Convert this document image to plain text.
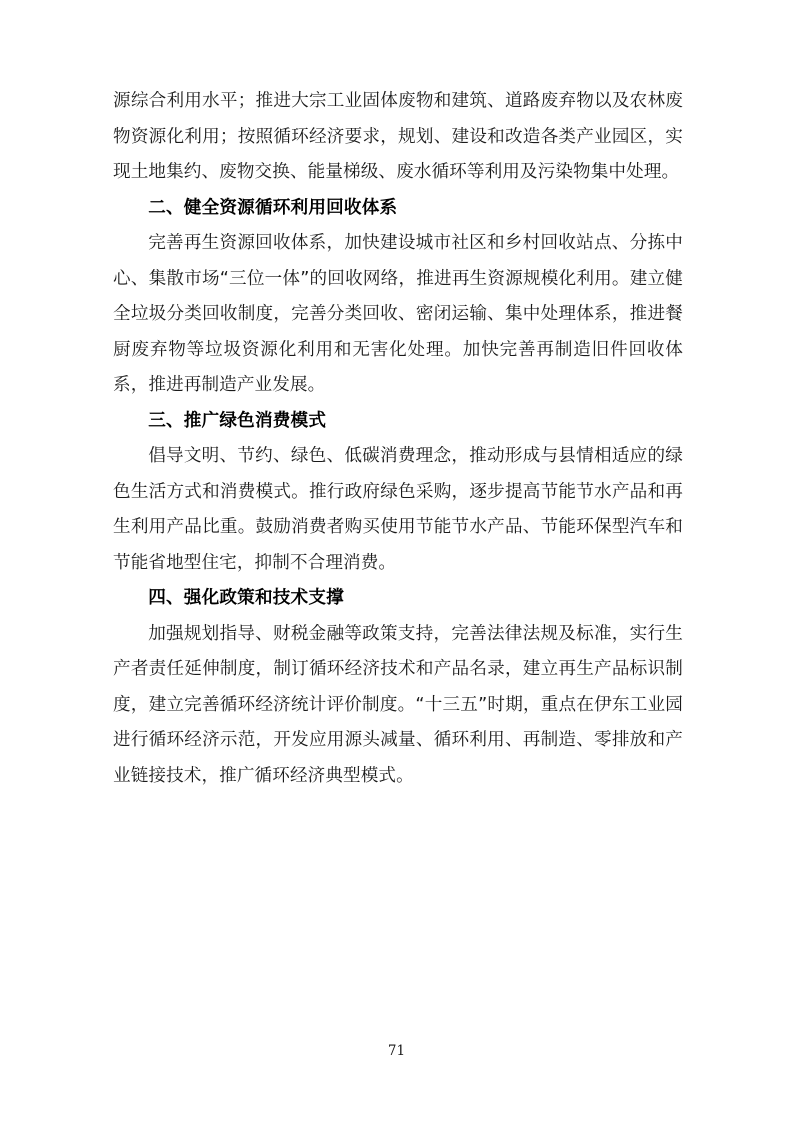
源综合利用水平；推进大宗工业固体废物和建筑、道路废弃物以及农林废物资源化利用；按照循环经济要求，规划、建设和改造各类产业园区，实现土地集约、废物交换、能量梯级、废水循环等利用及污染物集中处理。

二、健全资源循环利用回收体系

完善再生资源回收体系，加快建设城市社区和乡村回收站点、分拣中心、集散市场“三位一体”的回收网络，推进再生资源规模化利用。建立健全垃圾分类回收制度，完善分类回收、密闭运输、集中处理体系，推进餐厨废弃物等垃圾资源化利用和无害化处理。加快完善再制造旧件回收体系，推进再制造产业发展。

三、推广绿色消费模式

倡导文明、节约、绿色、低碳消费理念，推动形成与县情相适应的绿色生活方式和消费模式。推行政府绿色采购，逐步提高节能节水产品和再生利用产品比重。鼓励消费者购买使用节能节水产品、节能环保型汽车和节能省地型住宅，抑制不合理消费。

四、强化政策和技术支撑

加强规划指导、财税金融等政策支持，完善法律法规及标准，实行生产者责任延伸制度，制订循环经济技术和产品名录，建立再生产品标识制度，建立完善循环经济统计评价制度。“十三五”时期，重点在伊东工业园进行循环经济示范，开发应用源头减量、循环利用、再制造、零排放和产业链接技术，推广循环经济典型模式。

71
